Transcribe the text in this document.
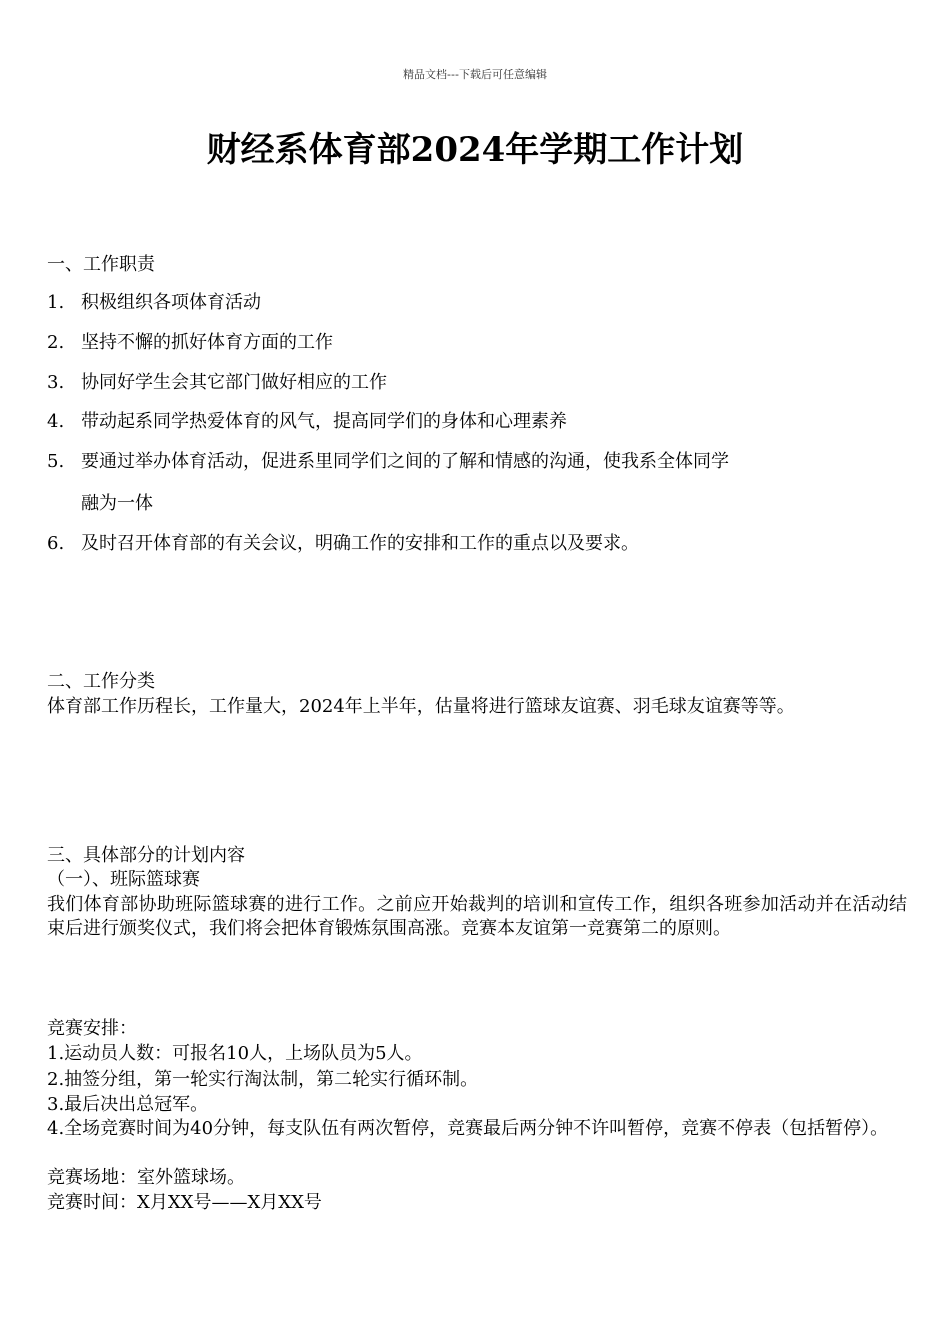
精品文档---下载后可任意编辑
财经系体育部2024年学期工作计划
一、工作职责
1. 积极组织各项体育活动
2. 坚持不懈的抓好体育方面的工作
3. 协同好学生会其它部门做好相应的工作
4. 带动起系同学热爱体育的风气，提高同学们的身体和心理素养
5. 要通过举办体育活动，促进系里同学们之间的了解和情感的沟通，使我系全体同学
融为一体
6. 及时召开体育部的有关会议，明确工作的安排和工作的重点以及要求。
二、工作分类
体育部工作历程长，工作量大，2024年上半年，估量将进行篮球友谊赛、羽毛球友谊赛等等。
三、具体部分的计划内容
（一）、班际篮球赛
我们体育部协助班际篮球赛的进行工作。之前应开始裁判的培训和宣传工作，组织各班参加活动并在活动结束后进行颁奖仪式，我们将会把体育锻炼氛围高涨。竞赛本友谊第一竞赛第二的原则。
竞赛安排：
1.运动员人数：可报名10人，上场队员为5人。
2.抽签分组，第一轮实行淘汰制，第二轮实行循环制。
3.最后决出总冠军。
4.全场竞赛时间为40分钟，每支队伍有两次暂停，竞赛最后两分钟不许叫暂停，竞赛不停表（包括暂停）。
竞赛场地：室外篮球场。
竞赛时间：X月XX号——X月XX号
